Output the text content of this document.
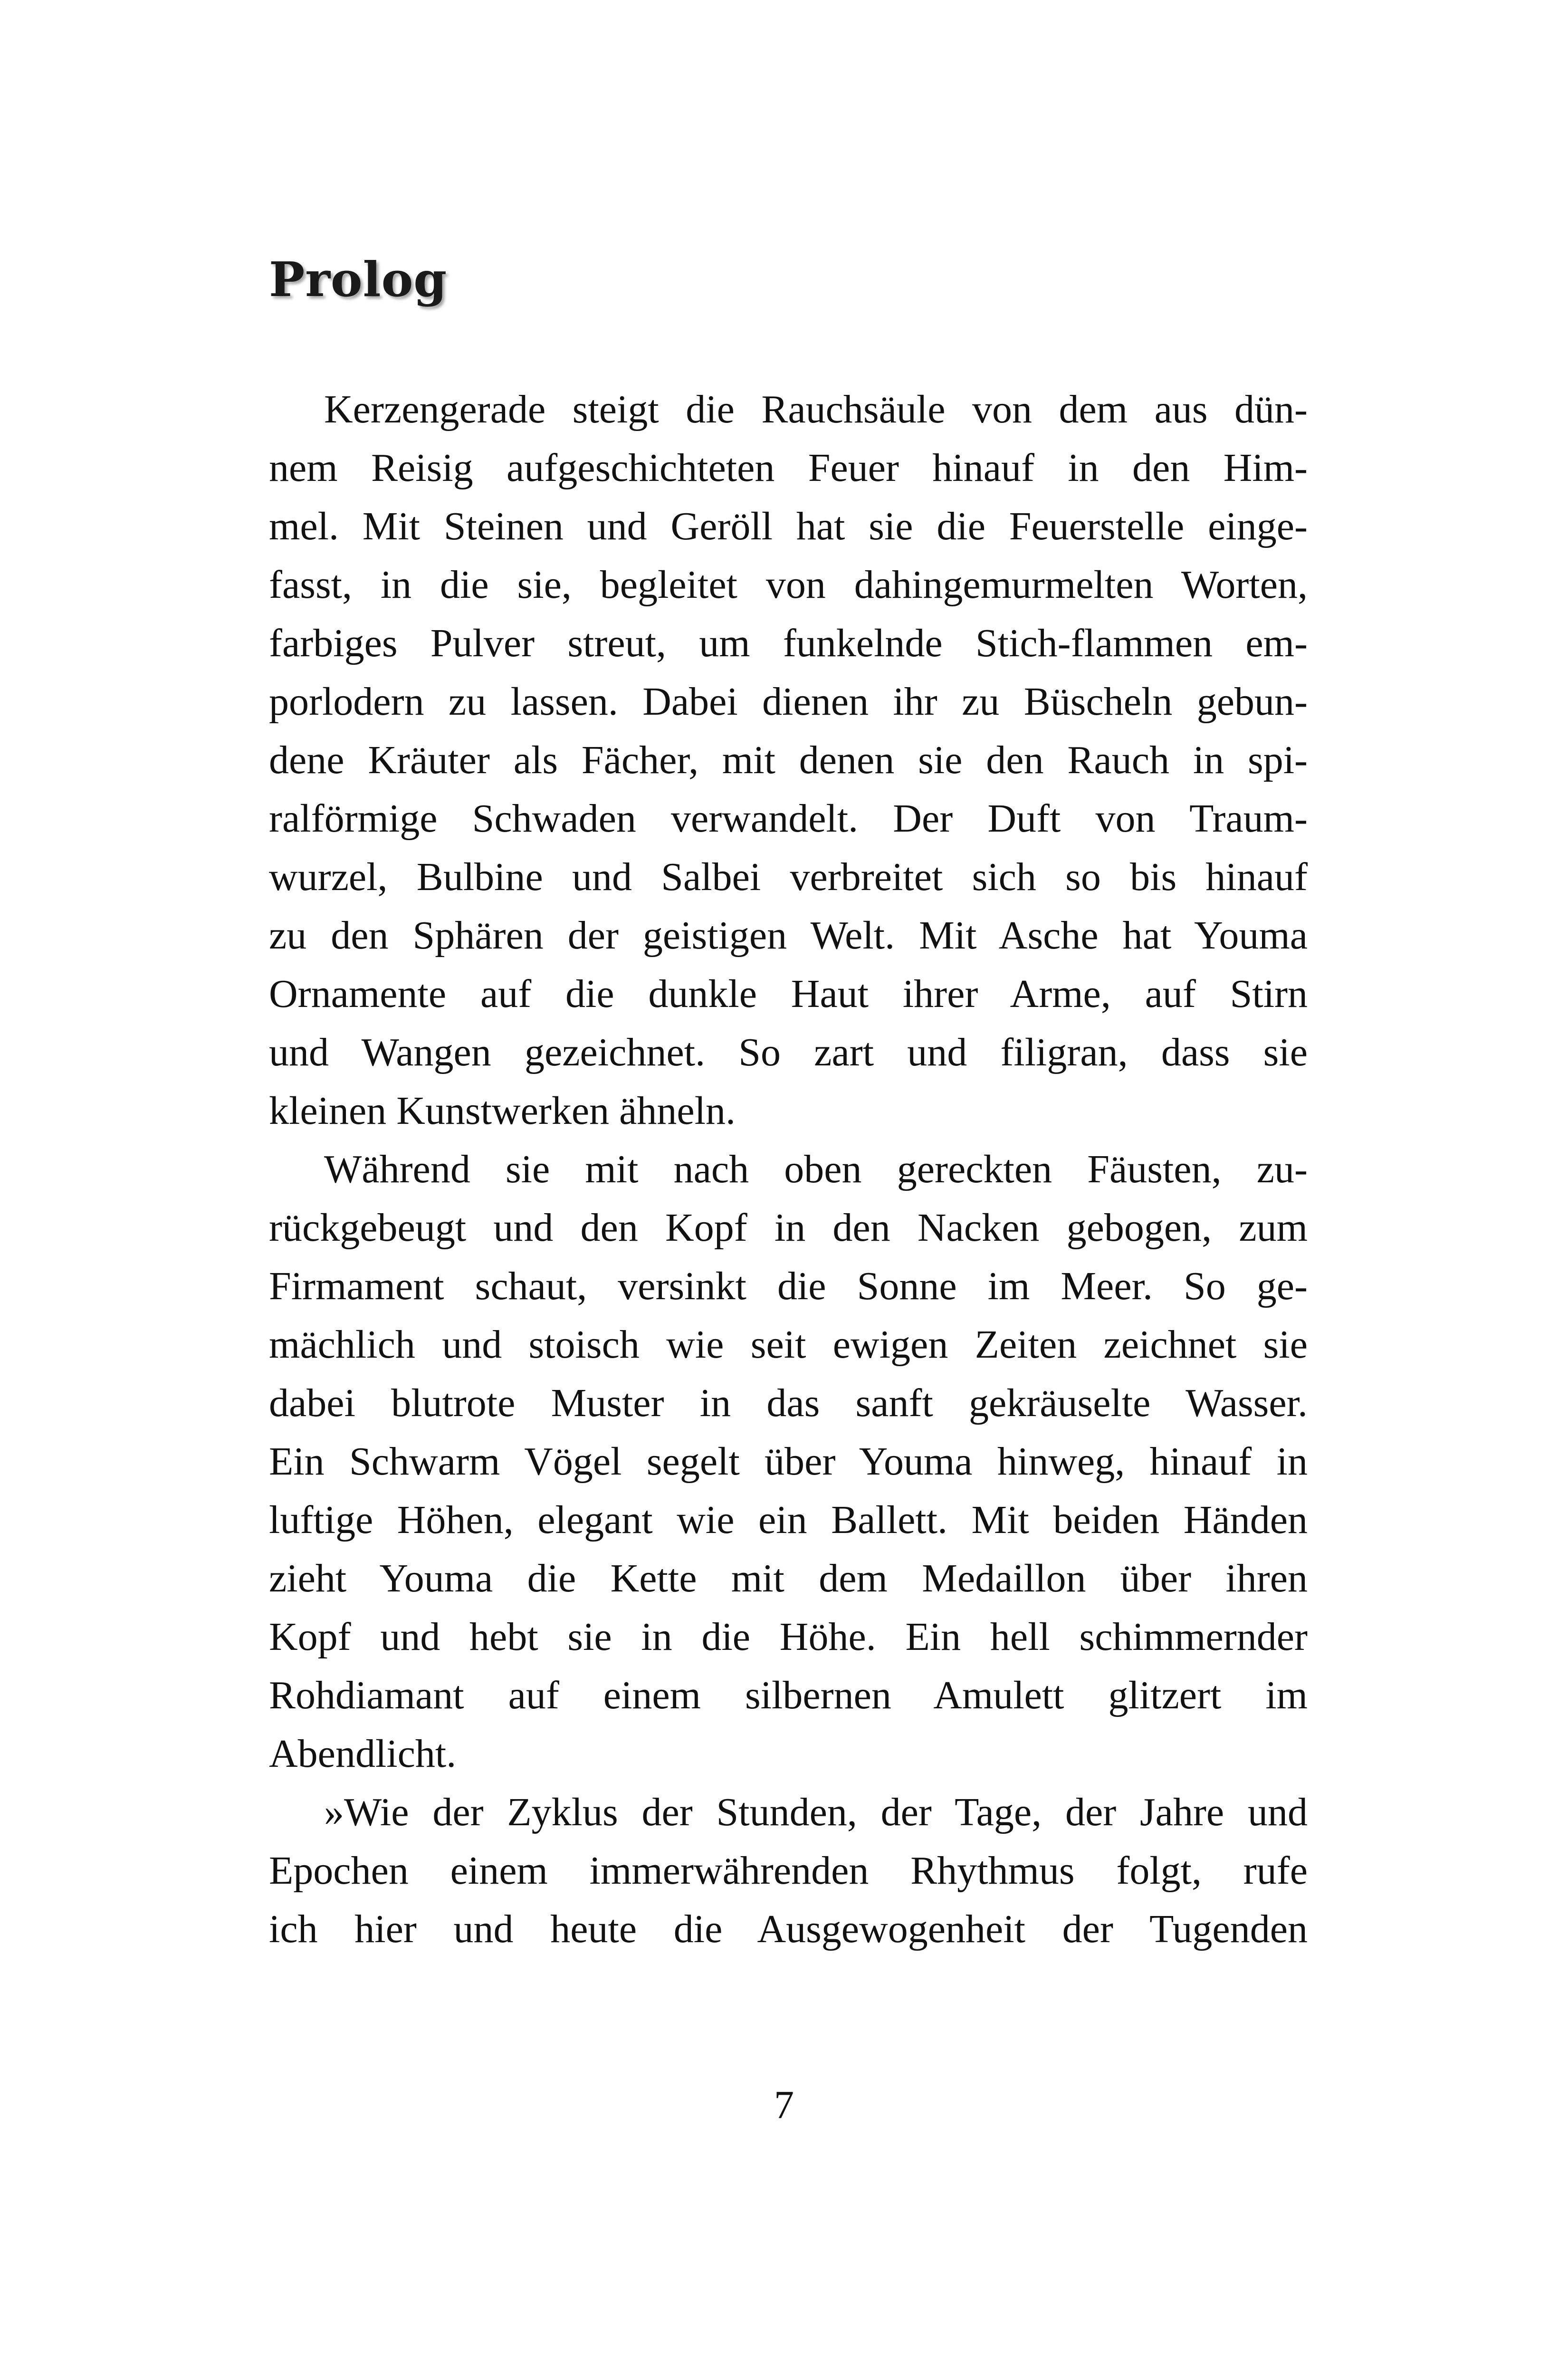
Prolog
Kerzengerade steigt die Rauchsäule von dem aus dün-
nem Reisig aufgeschichteten Feuer hinauf in den Him-
mel. Mit Steinen und Geröll hat sie die Feuerstelle einge-
fasst, in die sie, begleitet von dahingemurmelten Worten,
farbiges Pulver streut, um funkelnde Stich-flammen em-
porlodern zu lassen. Dabei dienen ihr zu Büscheln gebun-
dene Kräuter als Fächer, mit denen sie den Rauch in spi-
ralförmige Schwaden verwandelt. Der Duft von Traum-
wurzel, Bulbine und Salbei verbreitet sich so bis hinauf
zu den Sphären der geistigen Welt. Mit Asche hat Youma
Ornamente auf die dunkle Haut ihrer Arme, auf Stirn
und Wangen gezeichnet. So zart und filigran, dass sie
kleinen Kunstwerken ähneln.
Während sie mit nach oben gereckten Fäusten, zu-
rückgebeugt und den Kopf in den Nacken gebogen, zum
Firmament schaut, versinkt die Sonne im Meer. So ge-
mächlich und stoisch wie seit ewigen Zeiten zeichnet sie
dabei blutrote Muster in das sanft gekräuselte Wasser.
Ein Schwarm Vögel segelt über Youma hinweg, hinauf in
luftige Höhen, elegant wie ein Ballett. Mit beiden Händen
zieht Youma die Kette mit dem Medaillon über ihren
Kopf und hebt sie in die Höhe. Ein hell schimmernder
Rohdiamant auf einem silbernen Amulett glitzert im
Abendlicht.
»Wie der Zyklus der Stunden, der Tage, der Jahre und
Epochen einem immerwährenden Rhythmus folgt, rufe
ich hier und heute die Ausgewogenheit der Tugenden
7
